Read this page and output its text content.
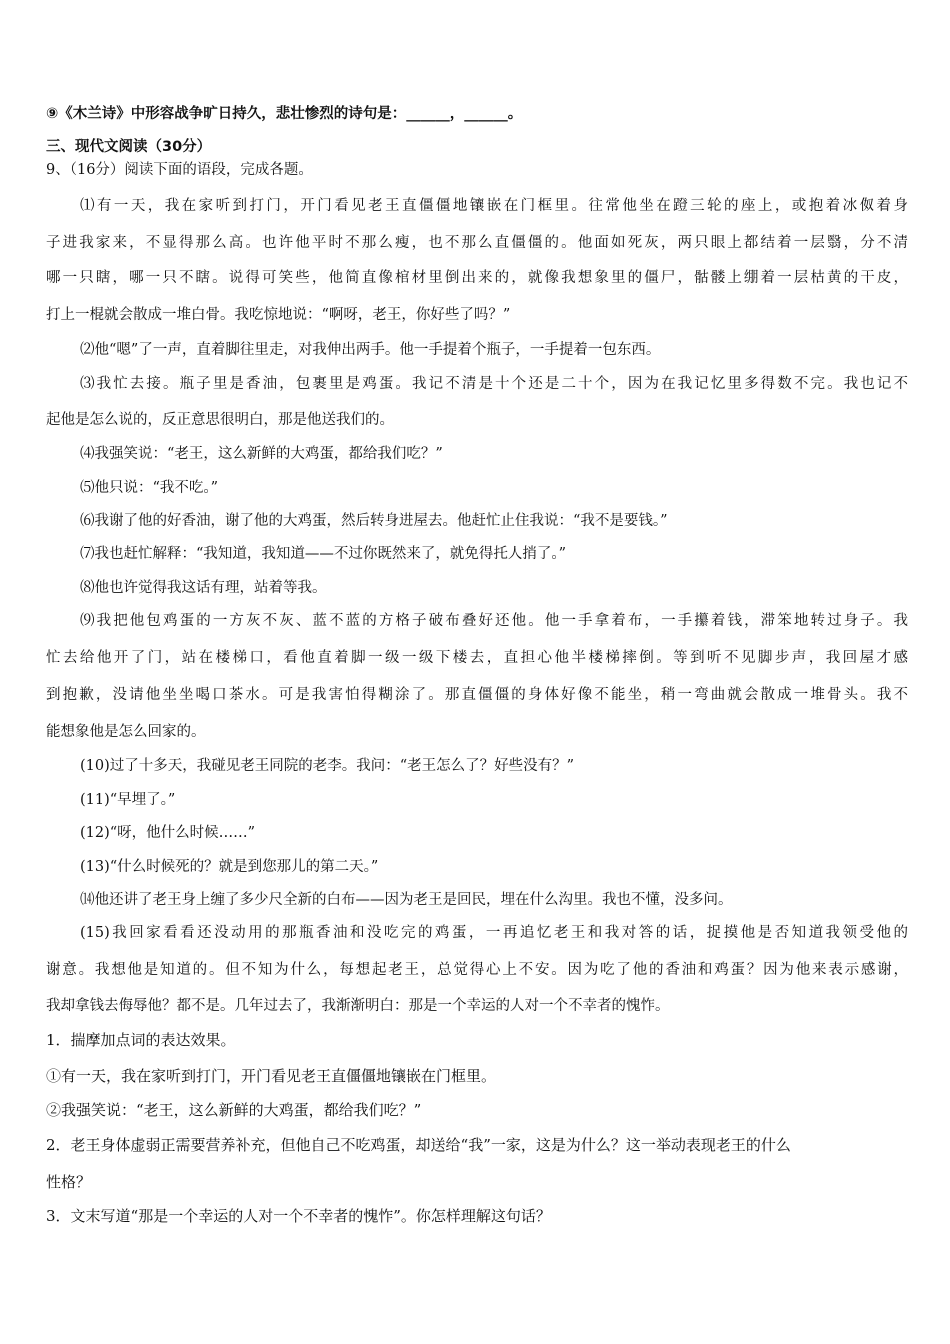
⑨《木兰诗》中形容战争旷日持久，悲壮惨烈的诗句是：______，______。
三、现代文阅读（30分）
9、（16分）阅读下面的语段，完成各题。
⑴有一天，我在家听到打门，开门看见老王直僵僵地镶嵌在门框里。往常他坐在蹬三轮的座上，或抱着冰伮着身
子进我家来，不显得那么高。也许他平时不那么瘦，也不那么直僵僵的。他面如死灰，两只眼上都结着一层翳，分不清
哪一只瞎，哪一只不瞎。说得可笑些，他简直像棺材里倒出来的，就像我想象里的僵尸，骷髅上绷着一层枯黄的干皮，
打上一棍就会散成一堆白骨。我吃惊地说：“啊呀，老王，你好些了吗？”
⑵他“嗯”了一声，直着脚往里走，对我伸出两手。他一手提着个瓶子，一手提着一包东西。
⑶我忙去接。瓶子里是香油，包裹里是鸡蛋。我记不清是十个还是二十个，因为在我记忆里多得数不完。我也记不
起他是怎么说的，反正意思很明白，那是他送我们的。
⑷我强笑说：“老王，这么新鲜的大鸡蛋，都给我们吃？”
⑸他只说：“我不吃。”
⑹我谢了他的好香油，谢了他的大鸡蛋，然后转身进屋去。他赶忙止住我说：“我不是要钱。”
⑺我也赶忙解释：“我知道，我知道——不过你既然来了，就免得托人捎了。”
⑻他也许觉得我这话有理，站着等我。
⑼我把他包鸡蛋的一方灰不灰、蓝不蓝的方格子破布叠好还他。他一手拿着布，一手攥着钱，滞笨地转过身子。我
忙去给他开了门，站在楼梯口，看他直着脚一级一级下楼去，直担心他半楼梯摔倒。等到听不见脚步声，我回屋才感
到抱歉，没请他坐坐喝口茶水。可是我害怕得糊涂了。那直僵僵的身体好像不能坐，稍一弯曲就会散成一堆骨头。我不
能想象他是怎么回家的。
(10)过了十多天，我碰见老王同院的老李。我问：“老王怎么了？好些没有？”
(11)“早埋了。”
(12)“呀，他什么时候……”
(13)“什么时候死的？就是到您那儿的第二天。”
⒁他还讲了老王身上缠了多少尺全新的白布——因为老王是回民，埋在什么沟里。我也不懂，没多问。
(15)我回家看看还没动用的那瓶香油和没吃完的鸡蛋，一再追忆老王和我对答的话，捉摸他是否知道我领受他的
谢意。我想他是知道的。但不知为什么，每想起老王，总觉得心上不安。因为吃了他的香油和鸡蛋？因为他来表示感谢，
我却拿钱去侮辱他？都不是。几年过去了，我渐渐明白：那是一个幸运的人对一个不幸者的愧怍。
1．揣摩加点词的表达效果。
①有一天，我在家听到打门，开门看见老王直僵僵地镶嵌在门框里。
②我强笑说：“老王，这么新鲜的大鸡蛋，都给我们吃？”
2．老王身体虚弱正需要营养补充，但他自己不吃鸡蛋，却送给“我”一家，这是为什么？这一举动表现老王的什么
性格？
3．文末写道“那是一个幸运的人对一个不幸者的愧怍”。你怎样理解这句话？
